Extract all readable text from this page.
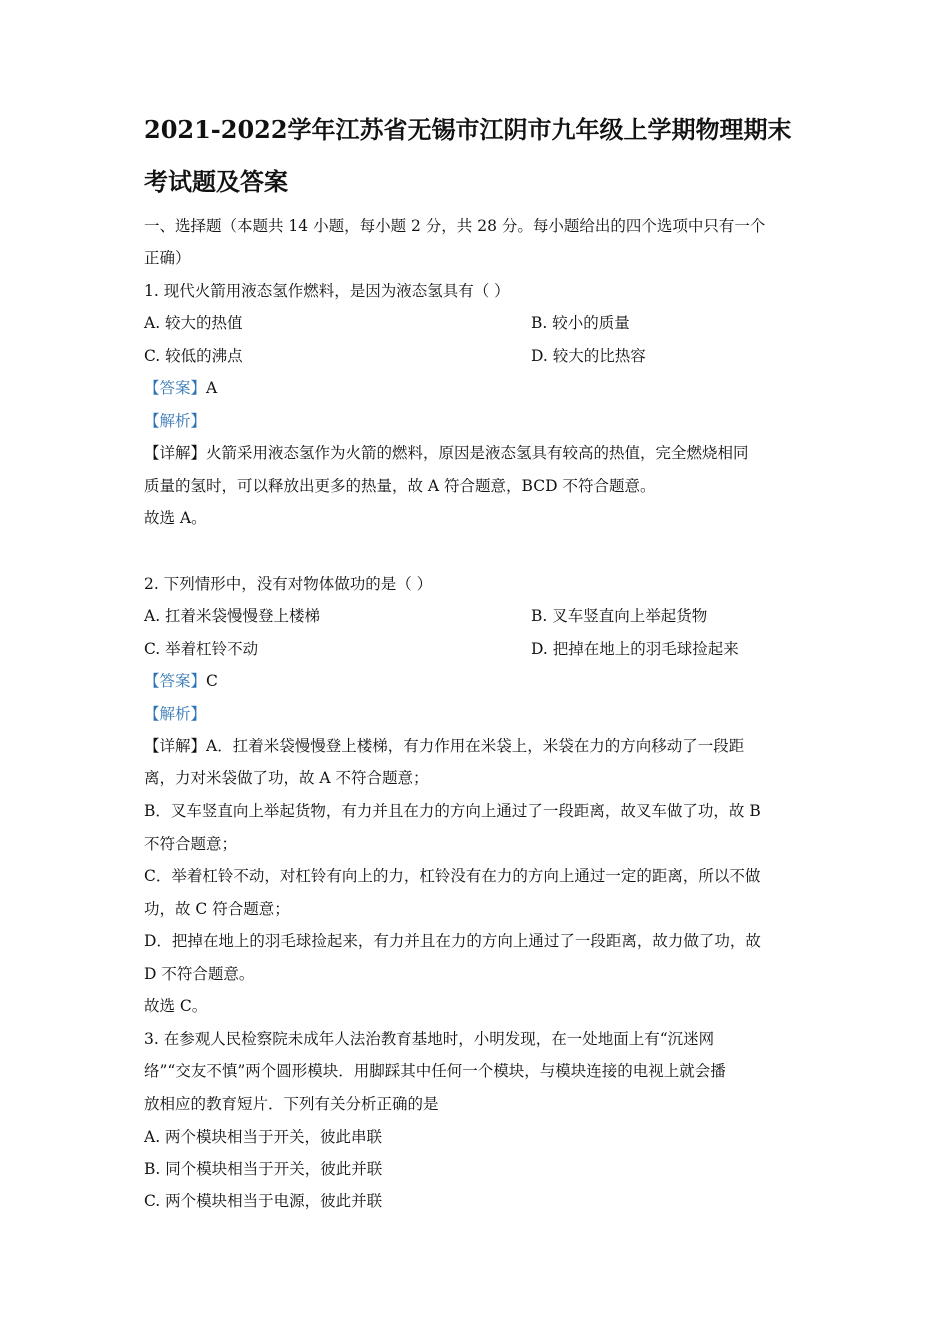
2021-2022学年江苏省无锡市江阴市九年级上学期物理期末
考试题及答案
一、选择题（本题共 14 小题，每小题 2 分，共 28 分。每小题给出的四个选项中只有一个
正确）
1. 现代火箭用液态氢作燃料，是因为液态氢具有（ ）
A. 较大的热值	B. 较小的质量
C. 较低的沸点	D. 较大的比热容
【答案】A
【解析】
【详解】火箭采用液态氢作为火箭的燃料，原因是液态氢具有较高的热值，完全燃烧相同
质量的氢时，可以释放出更多的热量，故 A 符合题意，BCD 不符合题意。
故选 A。
2. 下列情形中，没有对物体做功的是（ ）
A. 扛着米袋慢慢登上楼梯	B. 叉车竖直向上举起货物
C. 举着杠铃不动	D. 把掉在地上的羽毛球捡起来
【答案】C
【解析】
【详解】A．扛着米袋慢慢登上楼梯，有力作用在米袋上，米袋在力的方向移动了一段距
离，力对米袋做了功，故 A 不符合题意；
B．叉车竖直向上举起货物，有力并且在力的方向上通过了一段距离，故叉车做了功，故 B
不符合题意；
C．举着杠铃不动，对杠铃有向上的力，杠铃没有在力的方向上通过一定的距离，所以不做
功，故 C 符合题意；
D．把掉在地上的羽毛球捡起来，有力并且在力的方向上通过了一段距离，故力做了功，故
D 不符合题意。
故选 C。
3. 在参观人民检察院未成年人法治教育基地时，小明发现，在一处地面上有“沉迷网
络”“交友不慎”两个圆形模块．用脚踩其中任何一个模块，与模块连接的电视上就会播
放相应的教育短片．下列有关分析正确的是
A. 两个模块相当于开关，彼此串联
B. 同个模块相当于开关，彼此并联
C. 两个模块相当于电源，彼此并联
